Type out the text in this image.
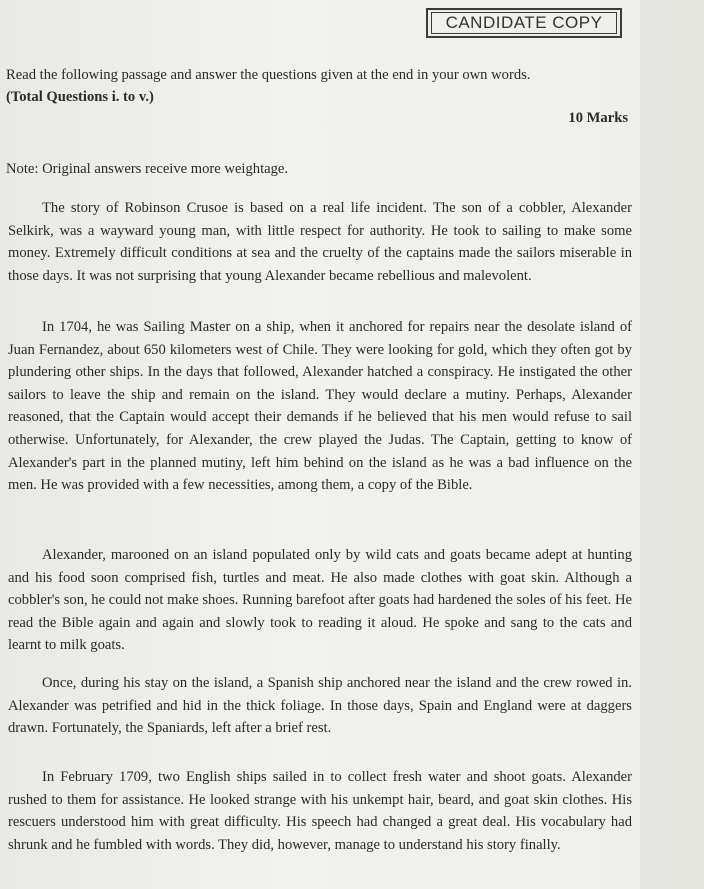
CANDIDATE COPY
Read the following passage and answer the questions given at the end in your own words.
(Total Questions i. to v.)
10 Marks
Note: Original answers receive more weightage.
The story of Robinson Crusoe is based on a real life incident. The son of a cobbler, Alexander Selkirk, was a wayward young man, with little respect for authority. He took to sailing to make some money. Extremely difficult conditions at sea and the cruelty of the captains made the sailors miserable in those days. It was not surprising that young Alexander became rebellious and malevolent.
In 1704, he was Sailing Master on a ship, when it anchored for repairs near the desolate island of Juan Fernandez, about 650 kilometers west of Chile. They were looking for gold, which they often got by plundering other ships. In the days that followed, Alexander hatched a conspiracy. He instigated the other sailors to leave the ship and remain on the island. They would declare a mutiny. Perhaps, Alexander reasoned, that the Captain would accept their demands if he believed that his men would refuse to sail otherwise. Unfortunately, for Alexander, the crew played the Judas. The Captain, getting to know of Alexander's part in the planned mutiny, left him behind on the island as he was a bad influence on the men. He was provided with a few necessities, among them, a copy of the Bible.
Alexander, marooned on an island populated only by wild cats and goats became adept at hunting and his food soon comprised fish, turtles and meat. He also made clothes with goat skin. Although a cobbler's son, he could not make shoes. Running barefoot after goats had hardened the soles of his feet. He read the Bible again and again and slowly took to reading it aloud. He spoke and sang to the cats and learnt to milk goats.
Once, during his stay on the island, a Spanish ship anchored near the island and the crew rowed in. Alexander was petrified and hid in the thick foliage. In those days, Spain and England were at daggers drawn. Fortunately, the Spaniards, left after a brief rest.
In February 1709, two English ships sailed in to collect fresh water and shoot goats. Alexander rushed to them for assistance. He looked strange with his unkempt hair, beard, and goat skin clothes. His rescuers understood him with great difficulty. His speech had changed a great deal. His vocabulary had shrunk and he fumbled with words. They did, however, manage to understand his story finally.
